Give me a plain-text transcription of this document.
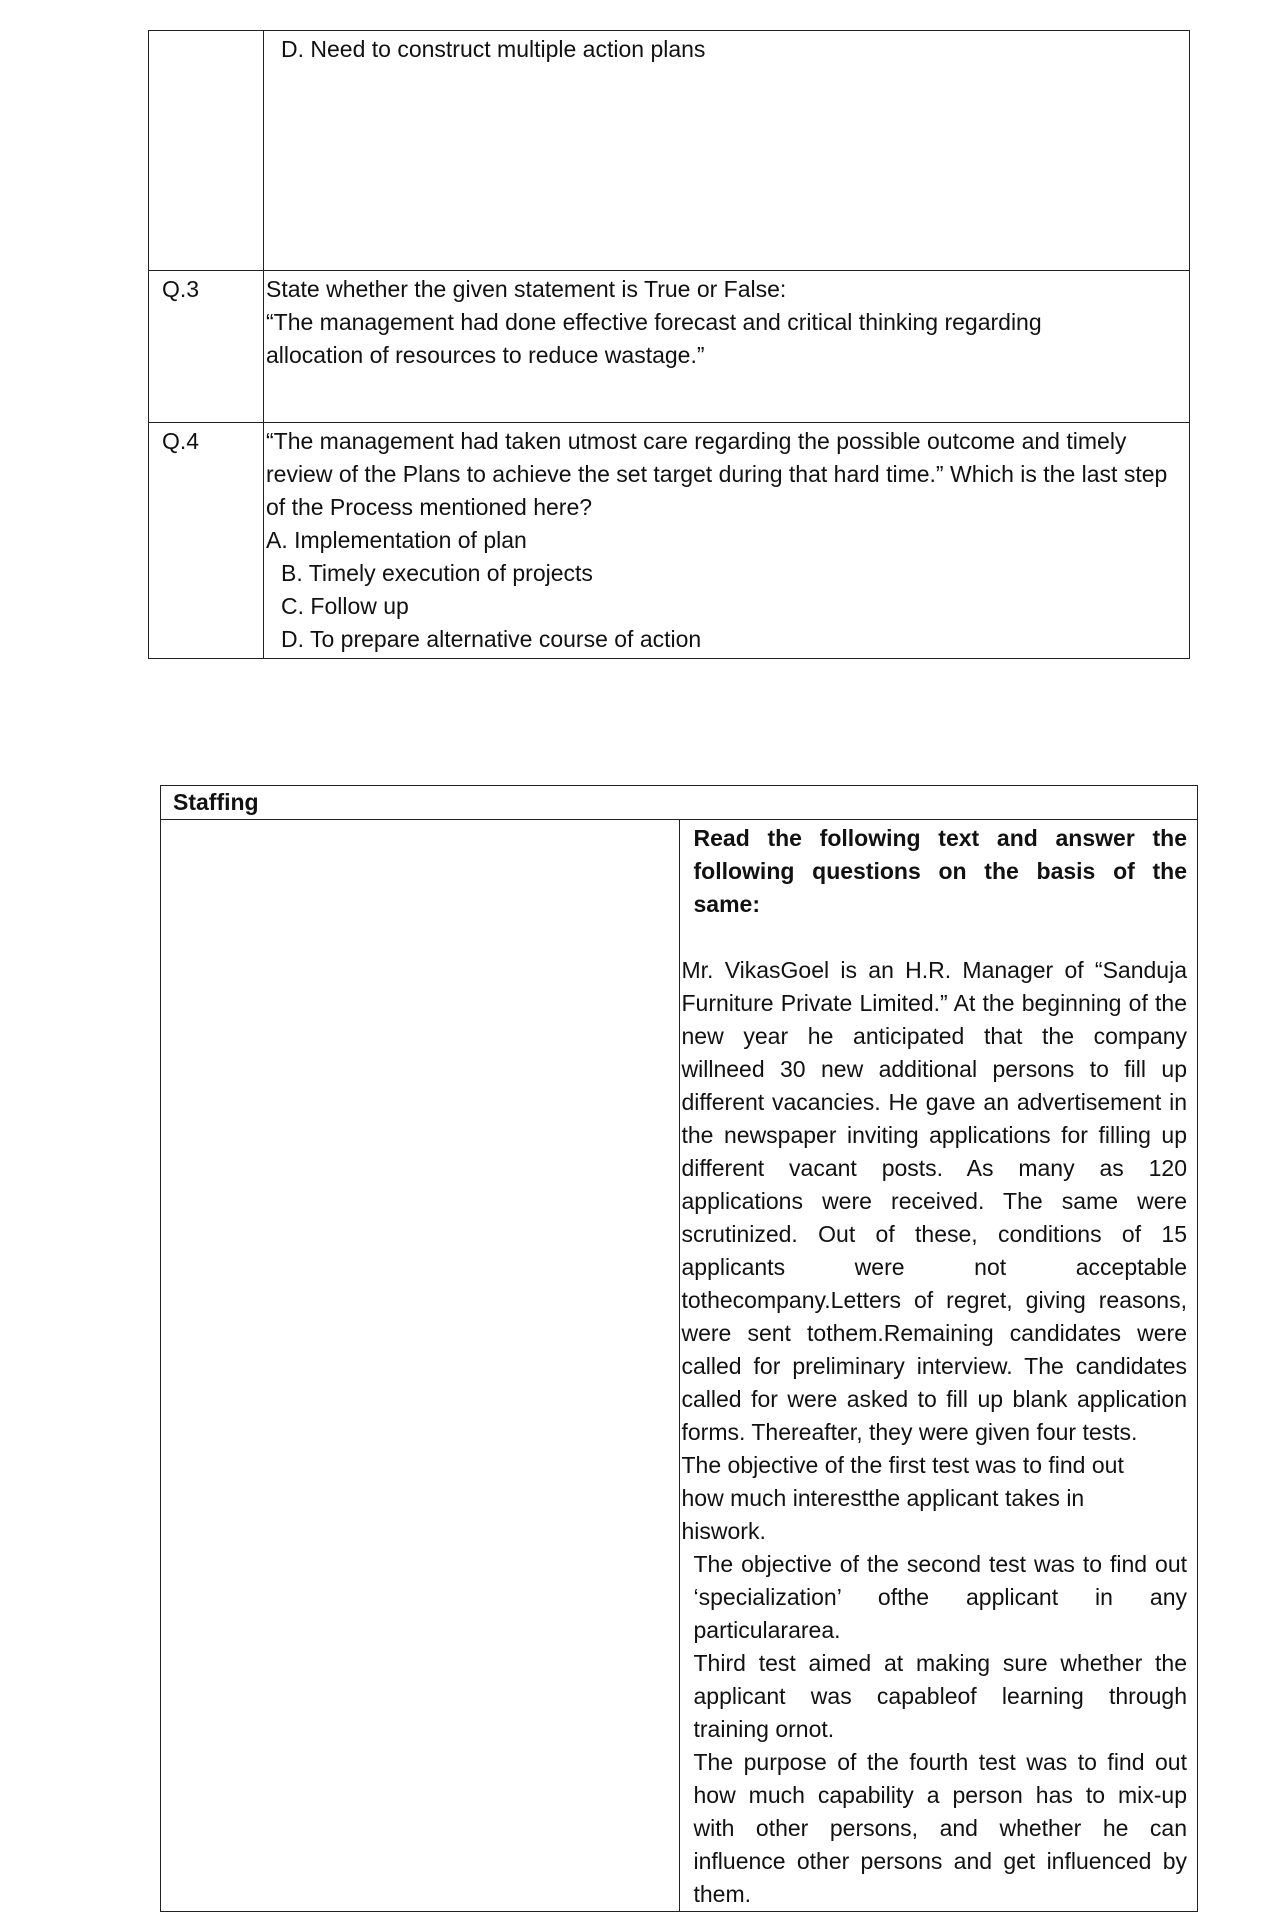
	D. Need to construct multiple action plans

Q.3	State whether the given statement is True or False:

“The management had done effective forecast and critical thinking regarding allocation of resources to reduce wastage.”

Q.4	“The management had taken utmost care regarding the possible outcome and timely review of the Plans to achieve the set target during that hard time.” Which is the last step of the Process mentioned here?

A. Implementation of plan

B. Timely execution of projects

C. Follow up

D. To prepare alternative course of action

Staffing

Read the following text and answer the following questions on the basis of the same:

Mr. VikasGoel is an H.R. Manager of “Sanduja Furniture Private Limited.” At the beginning of the new year he anticipated that the company willneed 30 new additional persons to fill up different vacancies. He gave an advertisement in the newspaper inviting applications for filling up different vacant posts. As many as 120 applications were received. The same were scrutinized. Out of these, conditions of 15 applicants were not acceptable tothecompany.Letters of regret, giving reasons, were sent tothem.Remaining candidates were called for preliminary interview. The candidates called for were asked to fill up blank application forms. Thereafter, they were given four tests.

The objective of the first test was to find out how much interestthe applicant takes in hiswork.

The objective of the second test was to find out ‘specialization’ ofthe applicant in any particulararea.

Third test aimed at making sure whether the applicant was capableof learning through training ornot.

The purpose of the fourth test was to find out how much capability a person has to mix-up with other persons, and whether he can influence other persons and get influenced by them.
